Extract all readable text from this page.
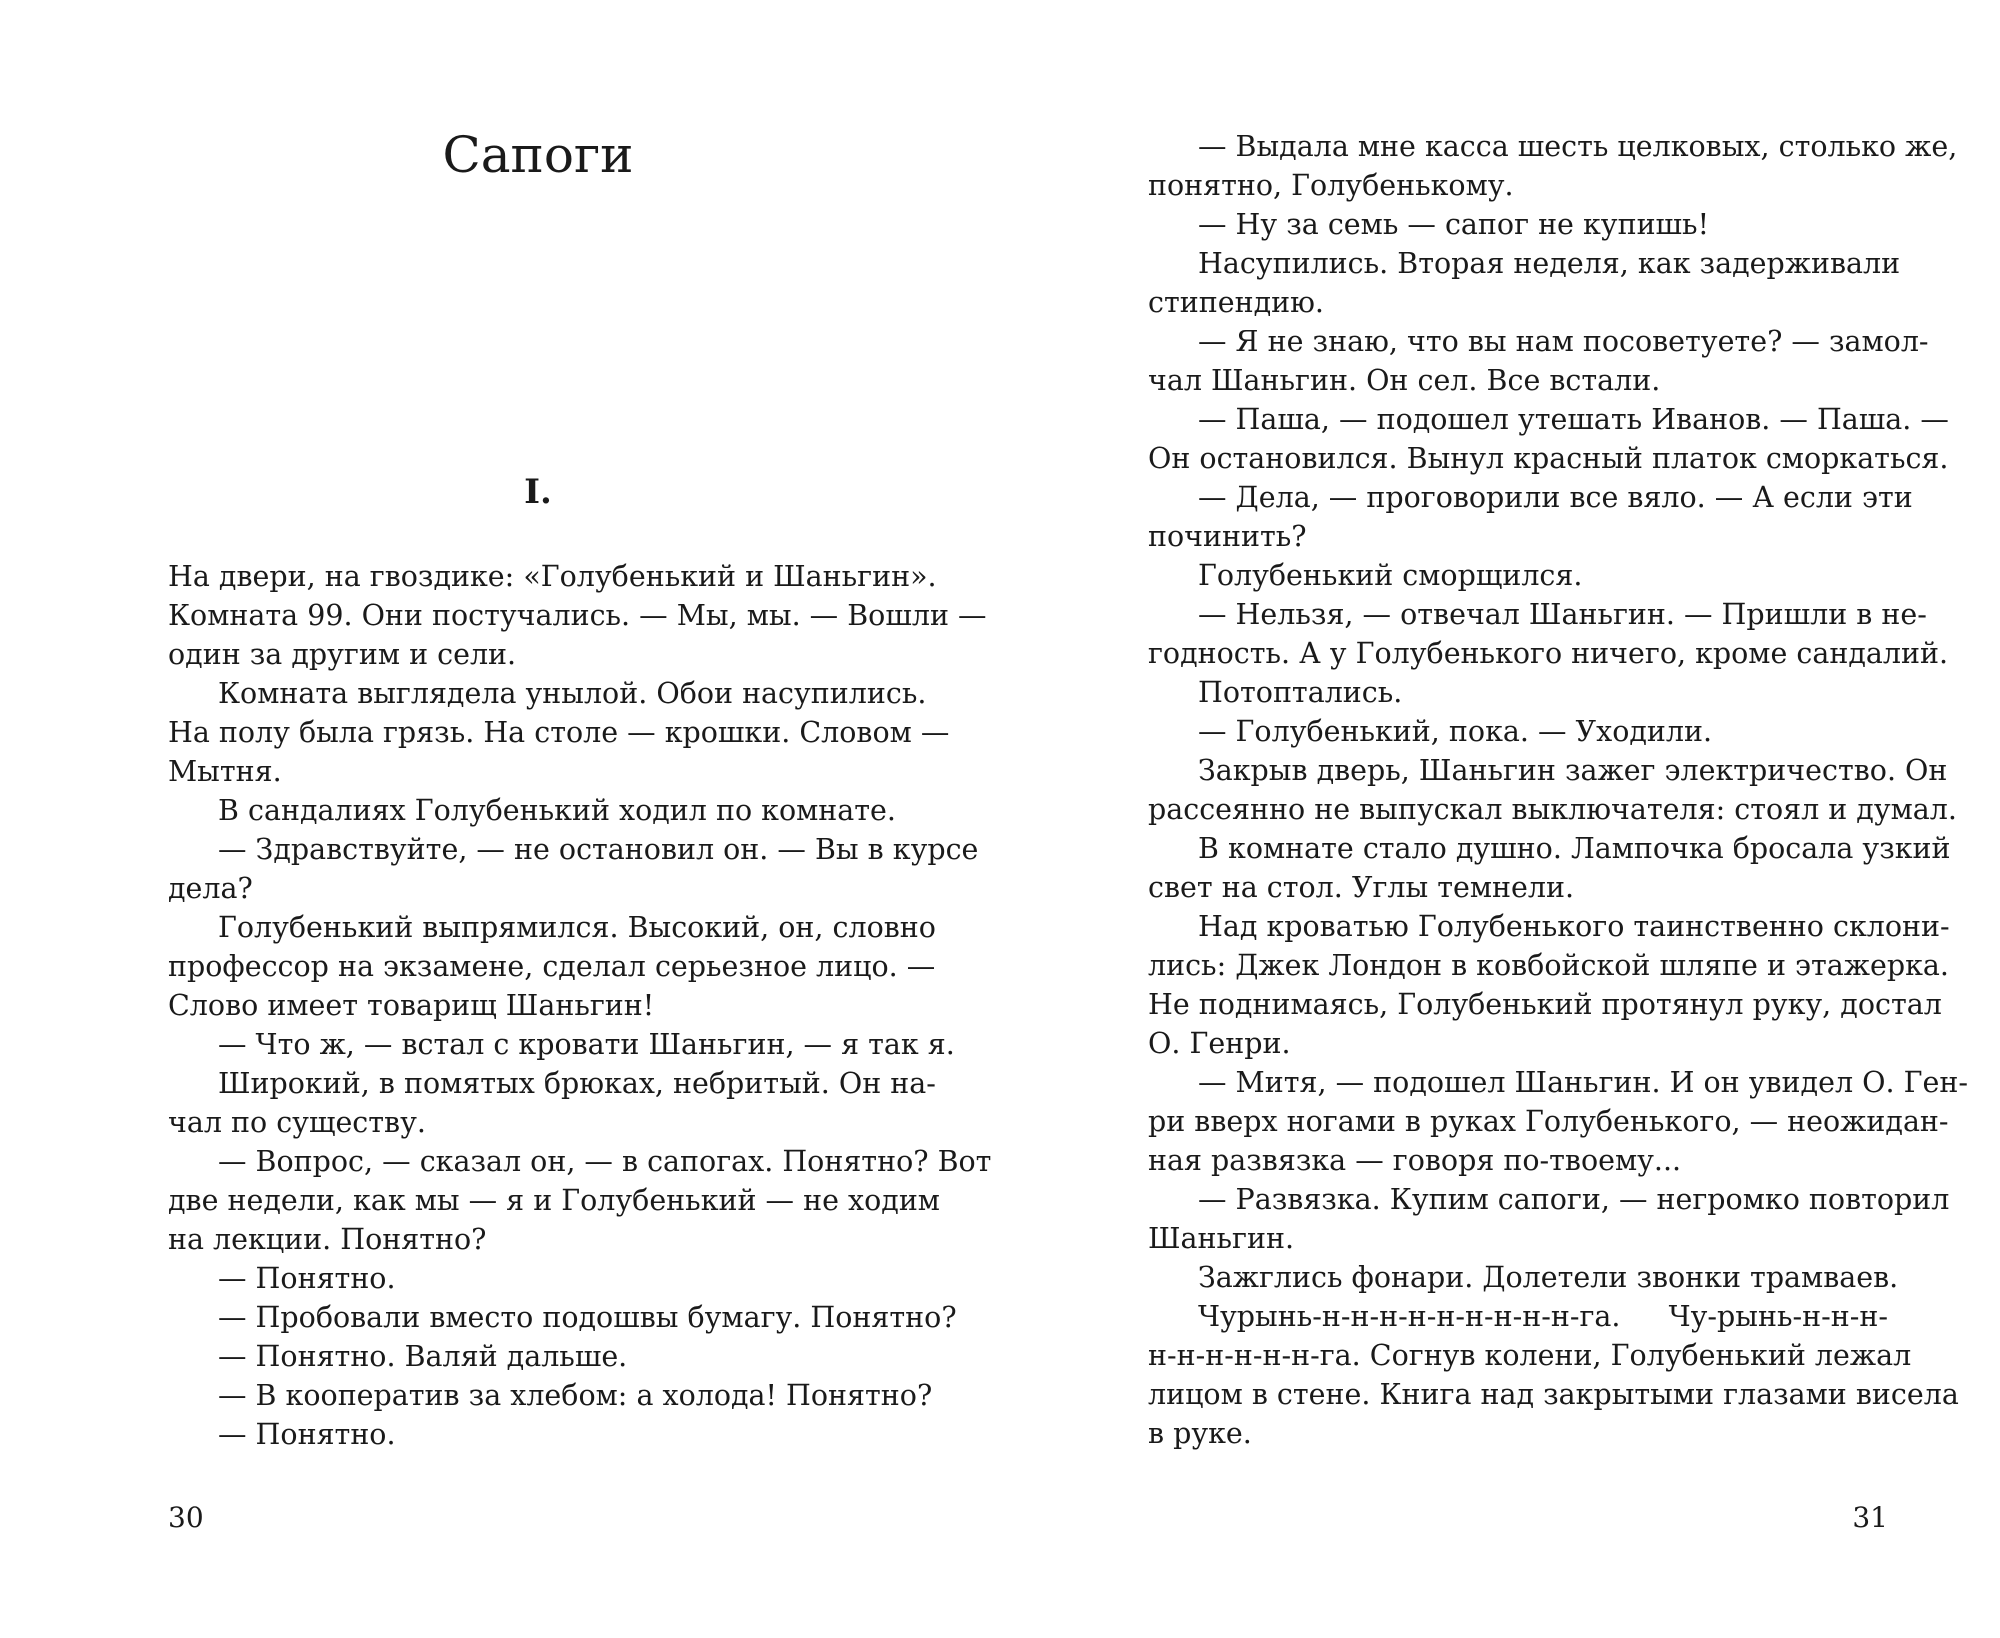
Сапоги
I.
На двери, на гвоздике: «Голубенький и Шаньгин».
Комната 99. Они постучались. — Мы, мы. — Вошли —
один за другим и сели.
Комната выглядела унылой. Обои насупились.
На полу была грязь. На столе — крошки. Словом —
Мытня.
В сандалиях Голубенький ходил по комнате.
— Здравствуйте, — не остановил он. — Вы в курсе
дела?
Голубенький выпрямился. Высокий, он, словно
профессор на экзамене, сделал серьезное лицо. —
Слово имеет товарищ Шаньгин!
— Что ж, — встал с кровати Шаньгин, — я так я.
Широкий, в помятых брюках, небритый. Он на-
чал по существу.
— Вопрос, — сказал он, — в сапогах. Понятно? Вот
две недели, как мы — я и Голубенький — не ходим
на лекции. Понятно?
— Понятно.
— Пробовали вместо подошвы бумагу. Понятно?
— Понятно. Валяй дальше.
— В кооператив за хлебом: а холода! Понятно?
— Понятно.
30
— Выдала мне касса шесть целковых, столько же,
понятно, Голубенькому.
— Ну за семь — сапог не купишь!
Насупились. Вторая неделя, как задерживали
стипендию.
— Я не знаю, что вы нам посоветуете? — замол-
чал Шаньгин. Он сел. Все встали.
— Паша, — подошел утешать Иванов. — Паша. —
Он остановился. Вынул красный платок сморкаться.
— Дела, — проговорили все вяло. — А если эти
починить?
Голубенький сморщился.
— Нельзя, — отвечал Шаньгин. — Пришли в не-
годность. А у Голубенького ничего, кроме сандалий.
Потоптались.
— Голубенький, пока. — Уходили.
Закрыв дверь, Шаньгин зажег электричество. Он
рассеянно не выпускал выключателя: стоял и думал.
В комнате стало душно. Лампочка бросала узкий
свет на стол. Углы темнели.
Над кроватью Голубенького таинственно склони-
лись: Джек Лондон в ковбойской шляпе и этажерка.
Не поднимаясь, Голубенький протянул руку, достал
О. Генри.
— Митя, — подошел Шаньгин. И он увидел О. Ген-
ри вверх ногами в руках Голубенького, — неожидан-
ная развязка — говоря по-твоему...
— Развязка. Купим сапоги, — негромко повторил
Шаньгин.
Зажглись фонари. Долетели звонки трамваев.
Чурынь-н-н-н-н-н-н-н-н-н-га. Чу-рынь-н-н-н-
н-н-н-н-н-н-га. Согнув колени, Голубенький лежал
лицом в стене. Книга над закрытыми глазами висела
в руке.
31
